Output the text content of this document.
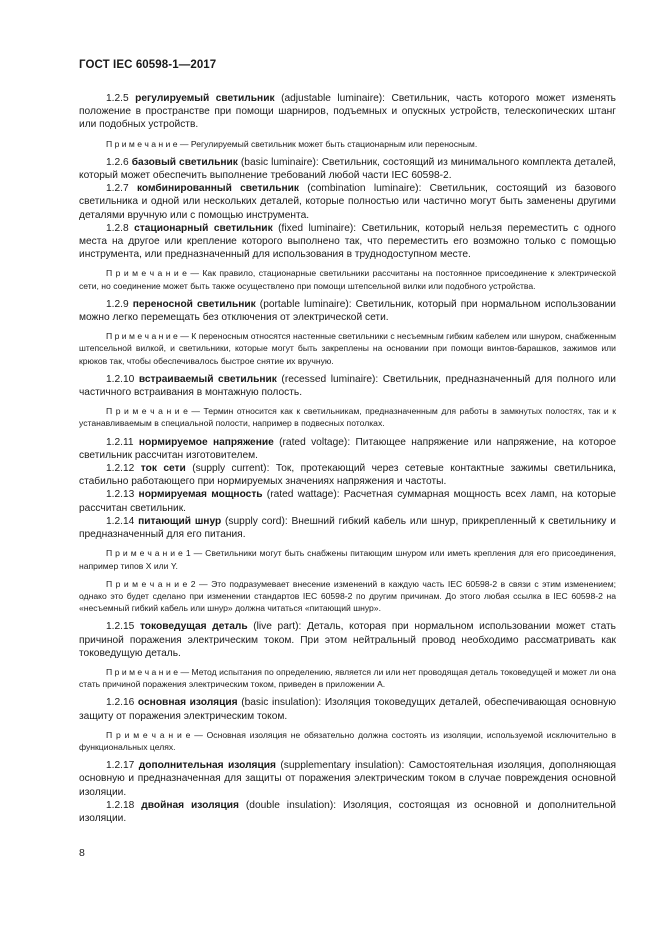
ГОСТ IEC 60598-1—2017

1.2.5 регулируемый светильник (adjustable luminaire): Светильник, часть которого может изменять положение в пространстве при помощи шарниров, подъемных и опускных устройств, телескопических штанг или подобных устройств.

П р и м е ч а н и е — Регулируемый светильник может быть стационарным или переносным.

1.2.6 базовый светильник (basic luminaire): Светильник, состоящий из минимального комплекта деталей, который может обеспечить выполнение требований любой части IEC 60598-2.

1.2.7 комбинированный светильник (combination luminaire): Светильник, состоящий из базового светильника и одной или нескольких деталей, которые полностью или частично могут быть заменены другими деталями вручную или с помощью инструмента.

1.2.8 стационарный светильник (fixed luminaire): Светильник, который нельзя переместить с одного места на другое или крепление которого выполнено так, что переместить его возможно только с помощью инструмента, или предназначенный для использования в труднодоступном месте.

П р и м е ч а н и е — Как правило, стационарные светильники рассчитаны на постоянное присоединение к электрической сети, но соединение может быть также осуществлено при помощи штепсельной вилки или подобного устройства.

1.2.9 переносной светильник (portable luminaire): Светильник, который при нормальном использовании можно легко перемещать без отключения от электрической сети.

П р и м е ч а н и е — К переносным относятся настенные светильники с несъемным гибким кабелем или шнуром, снабженным штепсельной вилкой, и светильники, которые могут быть закреплены на основании при помощи винтов-барашков, зажимов или крюков так, чтобы обеспечивалось быстрое снятие их вручную.

1.2.10 встраиваемый светильник (recessed luminaire): Светильник, предназначенный для полного или частичного встраивания в монтажную полость.

П р и м е ч а н и е — Термин относится как к светильникам, предназначенным для работы в замкнутых полостях, так и к устанавливаемым в специальной полости, например в подвесных потолках.

1.2.11 нормируемое напряжение (rated voltage): Питающее напряжение или напряжение, на которое светильник рассчитан изготовителем.

1.2.12 ток сети (supply current): Ток, протекающий через сетевые контактные зажимы светильника, стабильно работающего при нормируемых значениях напряжения и частоты.

1.2.13 нормируемая мощность (rated wattage): Расчетная суммарная мощность всех ламп, на которые рассчитан светильник.

1.2.14 питающий шнур (supply cord): Внешний гибкий кабель или шнур, прикрепленный к светильнику и предназначенный для его питания.

П р и м е ч а н и е 1 — Светильники могут быть снабжены питающим шнуром или иметь крепления для его присоединения, например типов X или Y.

П р и м е ч а н и е 2 — Это подразумевает внесение изменений в каждую часть IEC 60598-2 в связи с этим изменением; однако это будет сделано при изменении стандартов IEC 60598-2 по другим причинам. До этого любая ссылка в IEC 60598-2 на «несъемный гибкий кабель или шнур» должна читаться «питающий шнур».

1.2.15 токоведущая деталь (live part): Деталь, которая при нормальном использовании может стать причиной поражения электрическим током. При этом нейтральный провод необходимо рассматривать как токоведущую деталь.

П р и м е ч а н и е — Метод испытания по определению, является ли или нет проводящая деталь токоведущей и может ли она стать причиной поражения электрическим током, приведен в приложении А.

1.2.16 основная изоляция (basic insulation): Изоляция токоведущих деталей, обеспечивающая основную защиту от поражения электрическим током.

П р и м е ч а н и е — Основная изоляция не обязательно должна состоять из изоляции, используемой исключительно в функциональных целях.

1.2.17 дополнительная изоляция (supplementary insulation): Самостоятельная изоляция, дополняющая основную и предназначенная для защиты от поражения электрическим током в случае повреждения основной изоляции.

1.2.18 двойная изоляция (double insulation): Изоляция, состоящая из основной и дополнительной изоляции.

8
